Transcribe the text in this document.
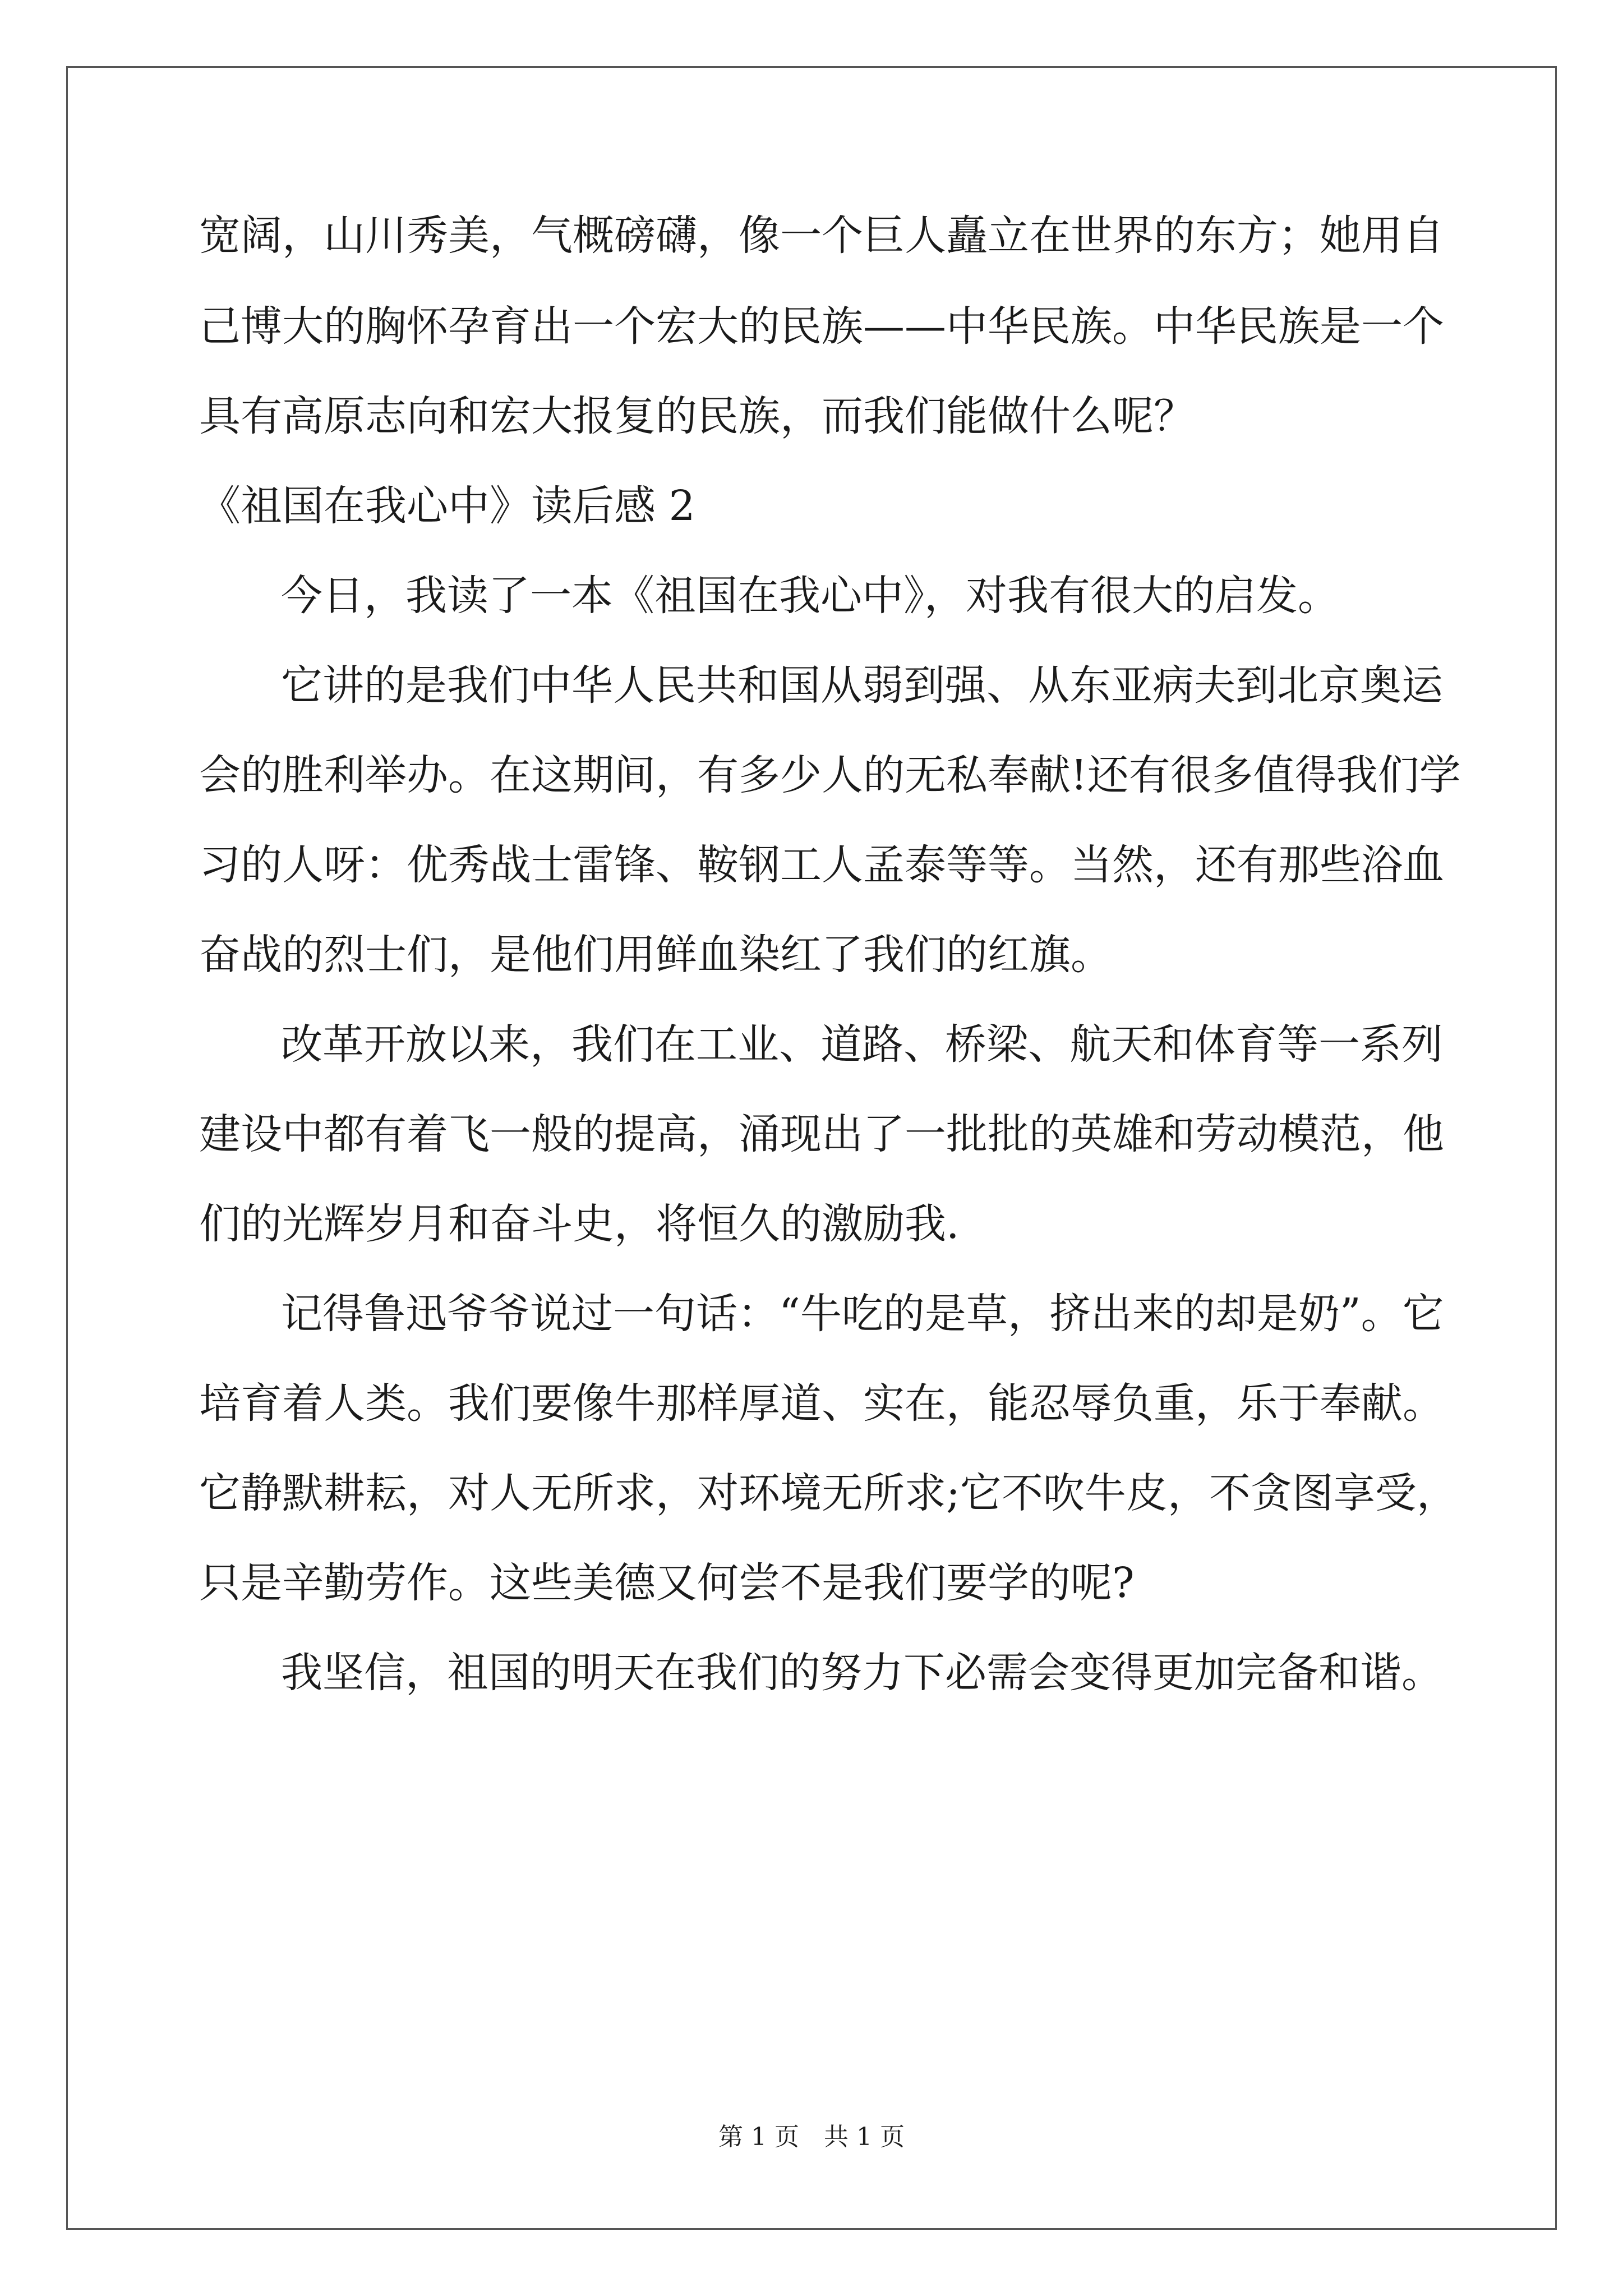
宽阔，山川秀美，气概磅礴，像一个巨人矗立在世界的东方；她用自
己博大的胸怀孕育出一个宏大的民族——中华民族。中华民族是一个
具有高原志向和宏大报复的民族，而我们能做什么呢？
《祖国在我心中》读后感 2
今日，我读了一本《祖国在我心中》，对我有很大的启发。
它讲的是我们中华人民共和国从弱到强、从东亚病夫到北京奥运
会的胜利举办。在这期间，有多少人的无私奉献!还有很多值得我们学
习的人呀：优秀战士雷锋、鞍钢工人孟泰等等。当然，还有那些浴血
奋战的烈士们，是他们用鲜血染红了我们的红旗。
改革开放以来，我们在工业、道路、桥梁、航天和体育等一系列
建设中都有着飞一般的提高，涌现出了一批批的英雄和劳动模范，他
们的光辉岁月和奋斗史，将恒久的激励我.
记得鲁迅爷爷说过一句话：“牛吃的是草，挤出来的却是奶”。它
培育着人类。我们要像牛那样厚道、实在，能忍辱负重，乐于奉献。
它静默耕耘，对人无所求，对环境无所求;它不吹牛皮，不贪图享受，
只是辛勤劳作。这些美德又何尝不是我们要学的呢?
我坚信，祖国的明天在我们的努力下必需会变得更加完备和谐。
第 1 页　共 1 页
